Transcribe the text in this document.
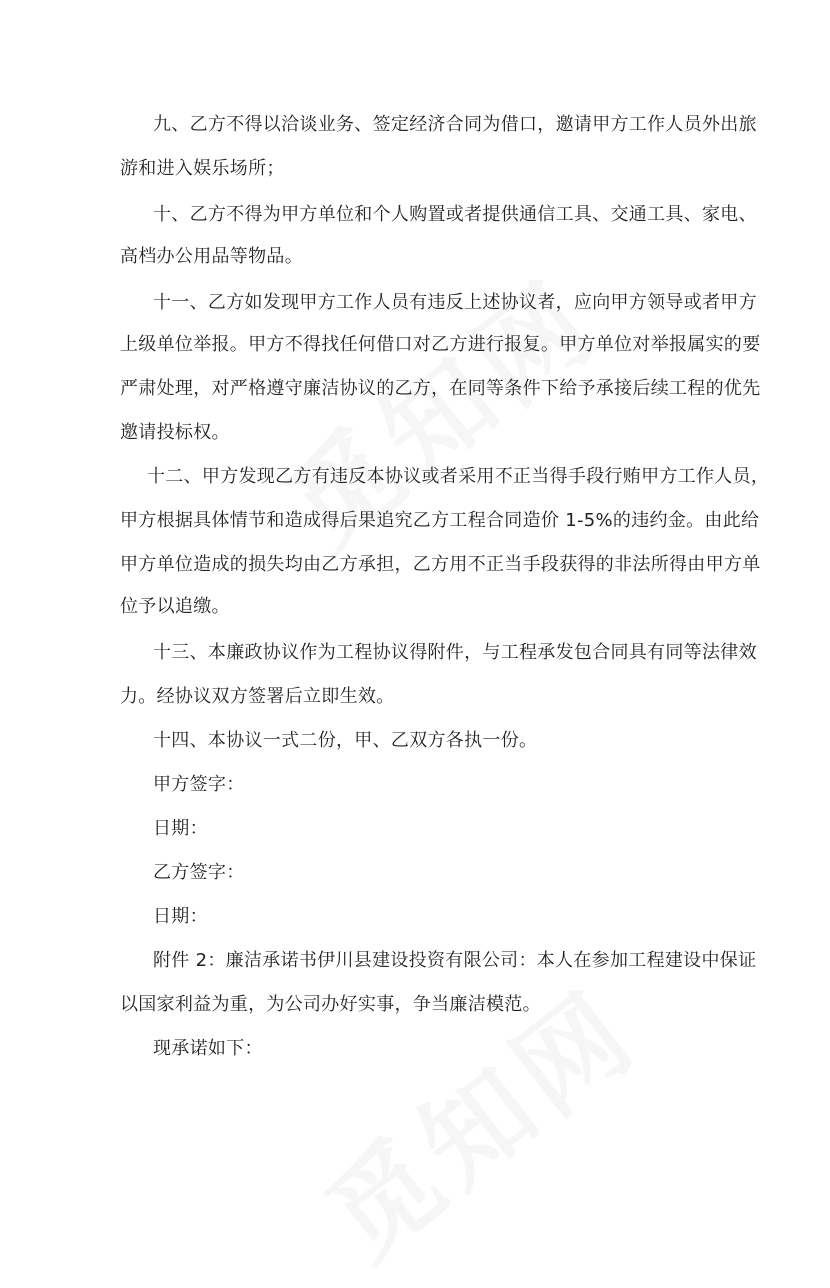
九、乙方不得以洽谈业务、签定经济合同为借口，邀请甲方工作人员外出旅
游和进入娱乐场所；
十、乙方不得为甲方单位和个人购置或者提供通信工具、交通工具、家电、
高档办公用品等物品。
十一、乙方如发现甲方工作人员有违反上述协议者，应向甲方领导或者甲方
上级单位举报。甲方不得找任何借口对乙方进行报复。甲方单位对举报属实的要
严肃处理，对严格遵守廉洁协议的乙方，在同等条件下给予承接后续工程的优先
邀请投标权。
十二、甲方发现乙方有违反本协议或者采用不正当得手段行贿甲方工作人员，
甲方根据具体情节和造成得后果追究乙方工程合同造价 1-5%的违约金。由此给
甲方单位造成的损失均由乙方承担，乙方用不正当手段获得的非法所得由甲方单
位予以追缴。
十三、本廉政协议作为工程协议得附件，与工程承发包合同具有同等法律效
力。经协议双方签署后立即生效。
十四、本协议一式二份，甲、乙双方各执一份。
甲方签字：
日期：
乙方签字：
日期：
附件 2：廉洁承诺书伊川县建设投资有限公司：本人在参加工程建设中保证
以国家利益为重，为公司办好实事，争当廉洁模范。
现承诺如下：
